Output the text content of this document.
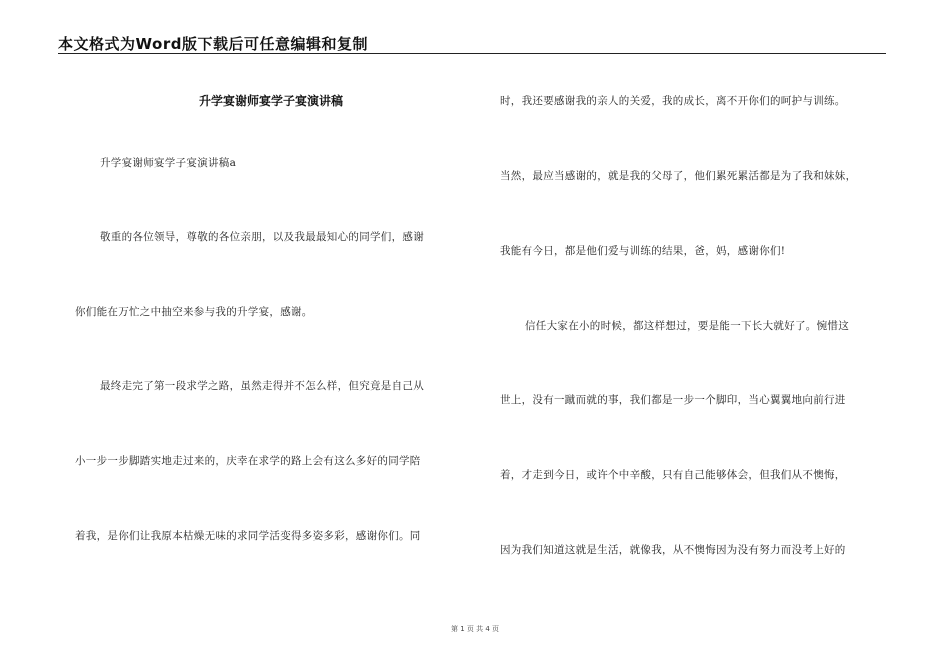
本文格式为Word版下载后可任意编辑和复制
升学宴谢师宴学子宴演讲稿
升学宴谢师宴学子宴演讲稿a
敬重的各位领导，尊敬的各位亲朋，以及我最最知心的同学们，感谢
你们能在万忙之中抽空来参与我的升学宴，感谢。
最终走完了第一段求学之路，虽然走得并不怎么样，但究竟是自己从
小一步一步脚踏实地走过来的，庆幸在求学的路上会有这么多好的同学陪
着我，是你们让我原本枯燥无味的求同学活变得多姿多彩，感谢你们。同
时，我还要感谢我的亲人的关爱，我的成长，离不开你们的呵护与训练。
当然，最应当感谢的，就是我的父母了，他们累死累活都是为了我和妹妹，
我能有今日，都是他们爱与训练的结果，爸，妈，感谢你们!
信任大家在小的时候，都这样想过，要是能一下长大就好了。惋惜这
世上，没有一蹴而就的事，我们都是一步一个脚印，当心翼翼地向前行进
着，才走到今日，或许个中辛酸，只有自己能够体会，但我们从不懊悔，
因为我们知道这就是生活，就像我，从不懊悔因为没有努力而没考上好的
第 1 页 共 4 页
